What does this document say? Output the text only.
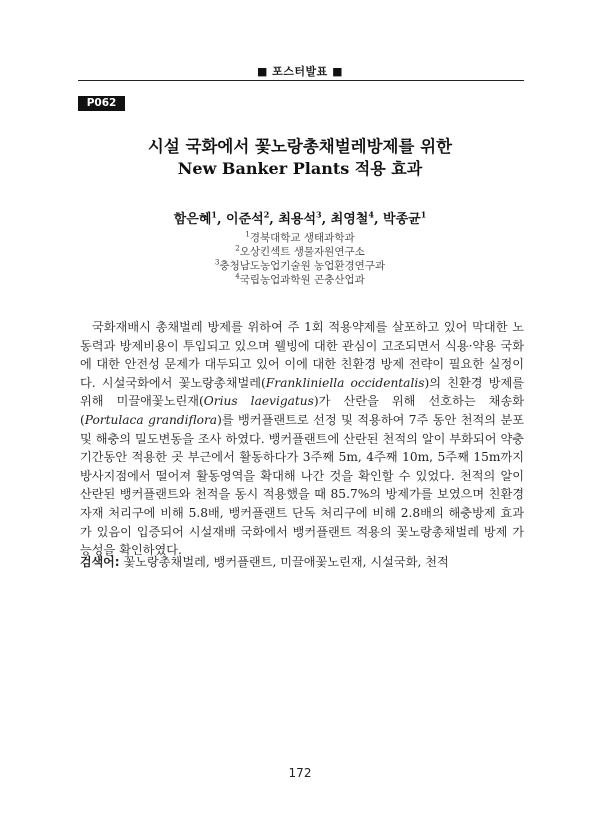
■ 포스터발표 ■
P062
시설 국화에서 꽃노랑총채벌레방제를 위한
New Banker Plants 적용 효과
함은혜$^1$, 이준석$^2$, 최용석$^3$, 최영철$^4$, 박종균$^1$
$^1$경북대학교 생태과학과
$^2$오상킨섹트 생물자원연구소
$^3$충청남도농업기술원 농업환경연구과
$^4$국립농업과학원 곤충산업과
국화재배시 총채벌레 방제를 위하여 주 1회 적용약제를 살포하고 있어 막대한 노동력과 방제비용이 투입되고 있으며 웰빙에 대한 관심이 고조되면서 식용·약용 국화에 대한 안전성 문제가 대두되고 있어 이에 대한 친환경 방제 전략이 필요한 실정이다. 시설국화에서 꽃노랑총채벌레(Frankliniella occidentalis)의 친환경 방제를 위해 미끌애꽃노린재(Orius laevigatus)가 산란을 위해 선호하는 채송화(Portulaca grandiflora)를 뱅커플랜트로 선정 및 적용하여 7주 동안 천적의 분포 및 해충의 밀도변동을 조사 하였다. 뱅커플랜트에 산란된 천적의 알이 부화되어 약충기간동안 적용한 곳 부근에서 활동하다가 3주째 5m, 4주째 10m, 5주째 15m까지 방사지점에서 떨어져 활동영역을 확대해 나간 것을 확인할 수 있었다. 천적의 알이 산란된 뱅커플랜트와 천적을 동시 적용했을 때 85.7%의 방제가를 보였으며 친환경자재 처리구에 비해 5.8배, 뱅커플랜트 단독 처리구에 비해 2.8배의 해충방제 효과가 있음이 입증되어 시설재배 국화에서 뱅커플랜트 적용의 꽃노랑총채벌레 방제 가능성을 확인하였다.
검색어: 꽃노랑총채벌레, 뱅커플랜트, 미끌애꽃노린재, 시설국화, 천적
172
